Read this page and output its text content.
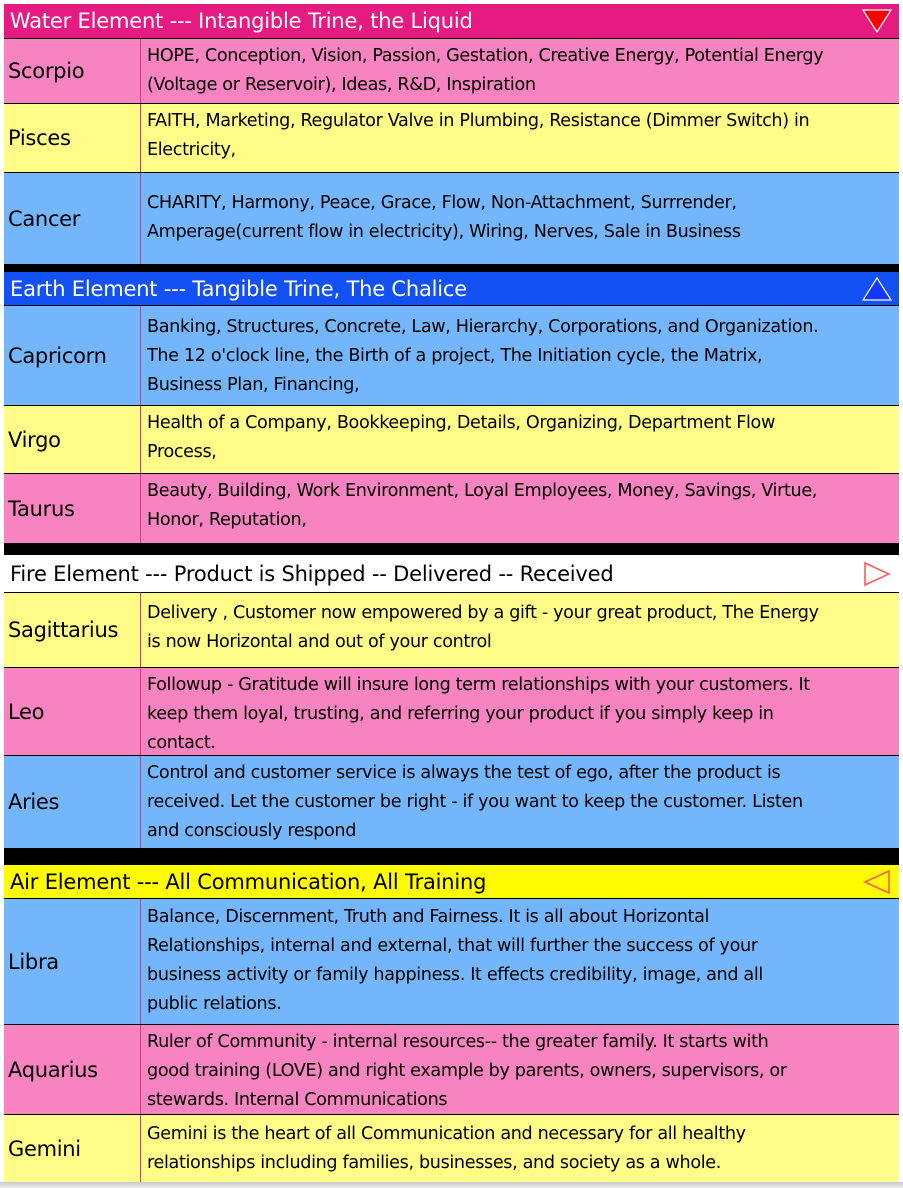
Water Element --- Intangible Trine, the Liquid
Scorpio
HOPE, Conception, Vision, Passion, Gestation, Creative Energy, Potential Energy
(Voltage or Reservoir), Ideas, R&D, Inspiration
Pisces
FAITH, Marketing, Regulator Valve in Plumbing, Resistance (Dimmer Switch) in
Electricity,
Cancer
CHARITY, Harmony, Peace, Grace, Flow, Non-Attachment, Surrrender,
Amperage(current flow in electricity), Wiring, Nerves, Sale in Business
Earth Element --- Tangible Trine, The Chalice
Capricorn
Banking, Structures, Concrete, Law, Hierarchy, Corporations, and Organization.
The 12 o'clock line, the Birth of a project, The Initiation cycle, the Matrix,
Business Plan, Financing,
Virgo
Health of a Company, Bookkeeping, Details, Organizing, Department Flow
Process,
Taurus
Beauty, Building, Work Environment, Loyal Employees, Money, Savings, Virtue,
Honor, Reputation,
Fire Element --- Product is Shipped -- Delivered -- Received
Sagittarius
Delivery , Customer now empowered by a gift - your great product, The Energy
is now Horizontal and out of your control
Leo
Followup - Gratitude will insure long term relationships with your customers. It
keep them loyal, trusting, and referring your product if you simply keep in
contact.
Aries
Control and customer service is always the test of ego, after the product is
received. Let the customer be right - if you want to keep the customer. Listen
and consciously respond
Air Element --- All Communication, All Training
Libra
Balance, Discernment, Truth and Fairness. It is all about Horizontal
Relationships, internal and external, that will further the success of your
business activity or family happiness. It effects credibility, image, and all
public relations.
Aquarius
Ruler of Community - internal resources-- the greater family. It starts with
good training (LOVE) and right example by parents, owners, supervisors, or
stewards. Internal Communications
Gemini
Gemini is the heart of all Communication and necessary for all healthy
relationships including families, businesses, and society as a whole.
